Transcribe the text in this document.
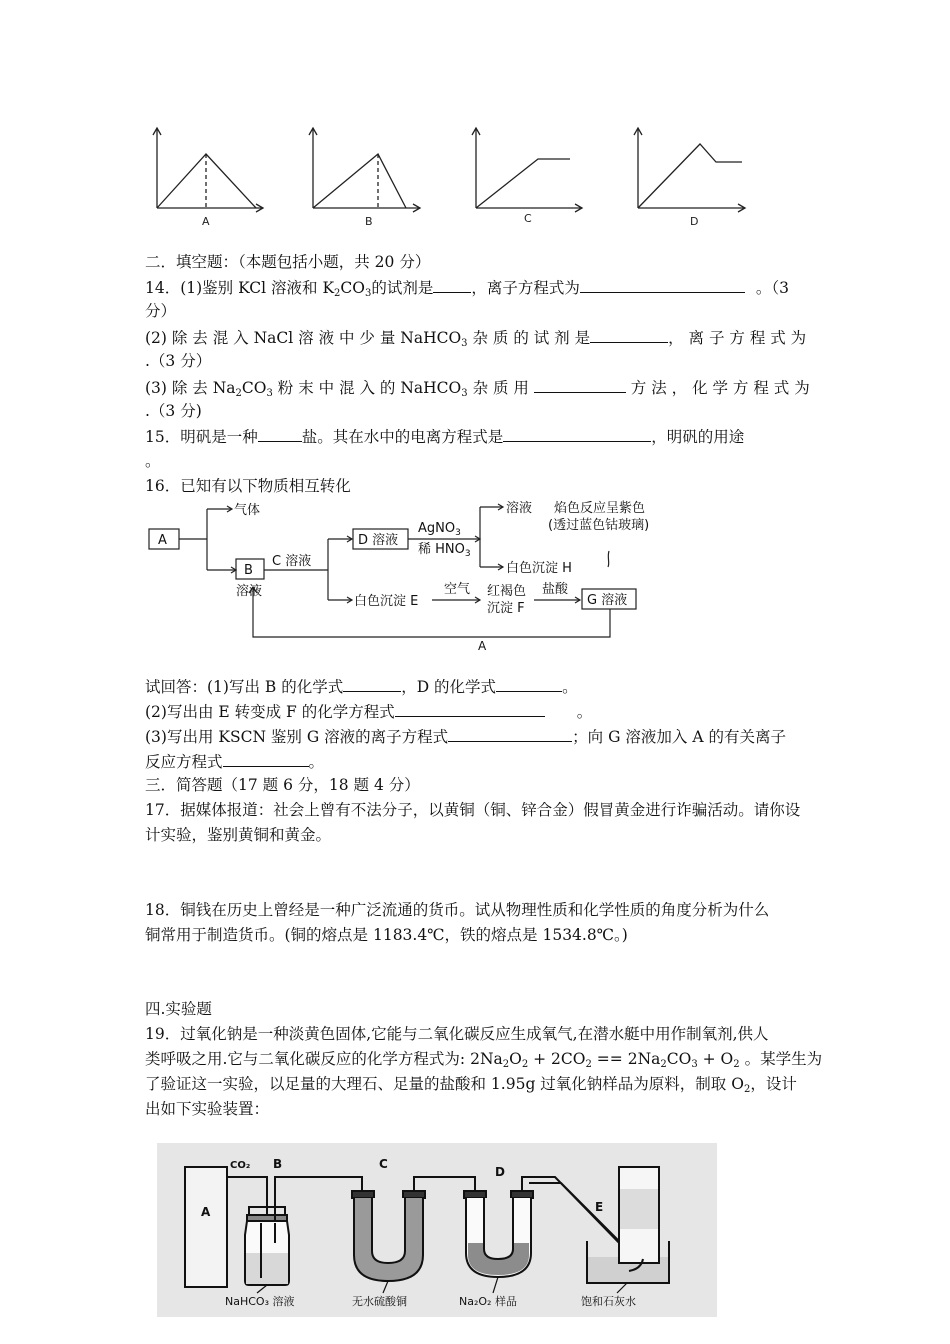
A	B	C	D
二．填空题：（本题包括小题，共 20 分）
14．(1)鉴别 KCl 溶液和 $K_2CO_3$的试剂是 ，离子方程式为	。（3
分）
(2) 除 去 混 入 NaCl 溶 液 中 少 量 NaHCO$_3$ 杂 质 的 试 剂 是	， 离 子 方 程 式 为
.（3 分）
(3) 除 去 $Na_2CO_3$ 粉 末 中 混 入 的 NaHCO$_3$ 杂 质 用	方 法 ， 化 学 方 程 式 为
.（3 分)
15．明矾是一种	盐。其在水中的电离方程式是	，明矾的用途
。
16．已知有以下物质相互转化
A
气体
B
溶液
C 溶液
D 溶液
AgNO$_3$
稀 $HNO_3$
溶液 焰色反应呈紫色
(透过蓝色钴玻璃)
白色沉淀 H
白色沉淀 E
空气 红褐色
沉淀 F
盐酸
G 溶液
A
试回答：(1)写出 B 的化学式	，D 的化学式	。
(2)写出由 E 转变成 F 的化学方程式	。
(3)写出用 KSCN 鉴别 G 溶液的离子方程式	；向 G 溶液加入 A 的有关离子
反应方程式	。
三．简答题（17 题 6 分，18 题 4 分）
17．据媒体报道：社会上曾有不法分子，以黄铜（铜、锌合金）假冒黄金进行诈骗活动。请你设
计实验，鉴别黄铜和黄金。
18．铜钱在历史上曾经是一种广泛流通的货币。试从物理性质和化学性质的角度分析为什么
铜常用于制造货币。(铜的熔点是 1183.4℃，铁的熔点是 1534.8℃。)
四.实验题
19．过氧化钠是一种淡黄色固体,它能与二氧化碳反应生成氧气,在潜水艇中用作制氧剂,供人
类呼吸之用.它与二氧化碳反应的化学方程式为: $2Na_2O_2 + 2CO_2 == 2Na_2CO_3 + O_2$ 。某学生为
了验证这一实验，以足量的大理石、足量的盐酸和 1.95g 过氧化钠样品为原料，制取 $O_2$，设计
出如下实验装置：
A
CO₂ B	C
D
E
NaHCO₃ 溶液	无水硫酸铜	Na₂O₂ 样品	饱和石灰水
